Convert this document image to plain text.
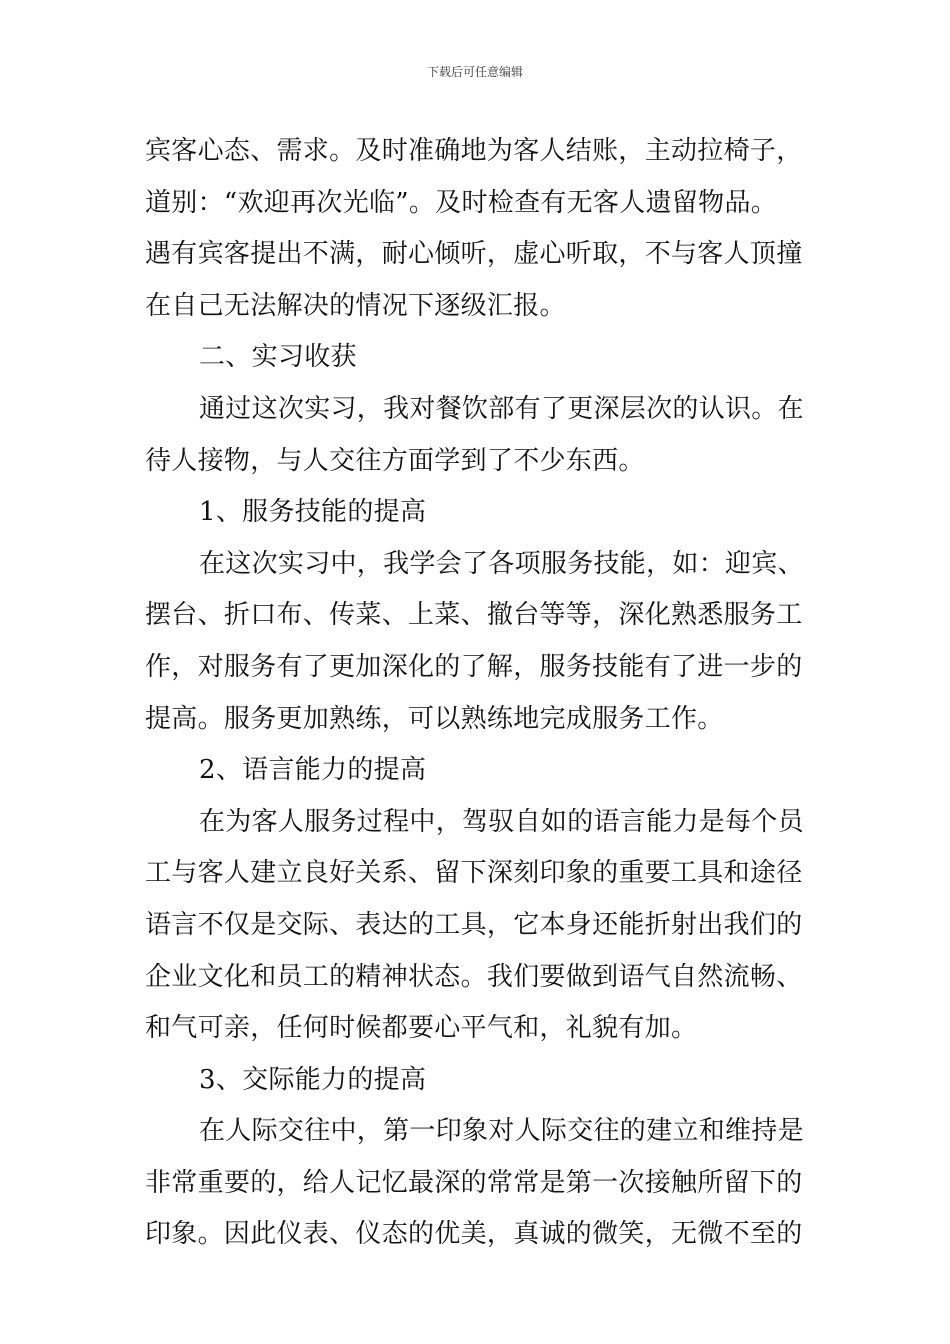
下载后可任意编辑
宾客心态、需求。及时准确地为客人结账，主动拉椅子，
道别：“欢迎再次光临”。及时检查有无客人遗留物品。
遇有宾客提出不满，耐心倾听，虚心听取，不与客人顶撞
在自己无法解决的情况下逐级汇报。
二、实习收获
通过这次实习，我对餐饮部有了更深层次的认识。在
待人接物，与人交往方面学到了不少东西。
1、服务技能的提高
在这次实习中，我学会了各项服务技能，如：迎宾、
摆台、折口布、传菜、上菜、撤台等等，深化熟悉服务工
作，对服务有了更加深化的了解，服务技能有了进一步的
提高。服务更加熟练，可以熟练地完成服务工作。
2、语言能力的提高
在为客人服务过程中，驾驭自如的语言能力是每个员
工与客人建立良好关系、留下深刻印象的重要工具和途径
语言不仅是交际、表达的工具，它本身还能折射出我们的
企业文化和员工的精神状态。我们要做到语气自然流畅、
和气可亲，任何时候都要心平气和，礼貌有加。
3、交际能力的提高
在人际交往中，第一印象对人际交往的建立和维持是
非常重要的，给人记忆最深的常常是第一次接触所留下的
印象。因此仪表、仪态的优美，真诚的微笑，无微不至的
